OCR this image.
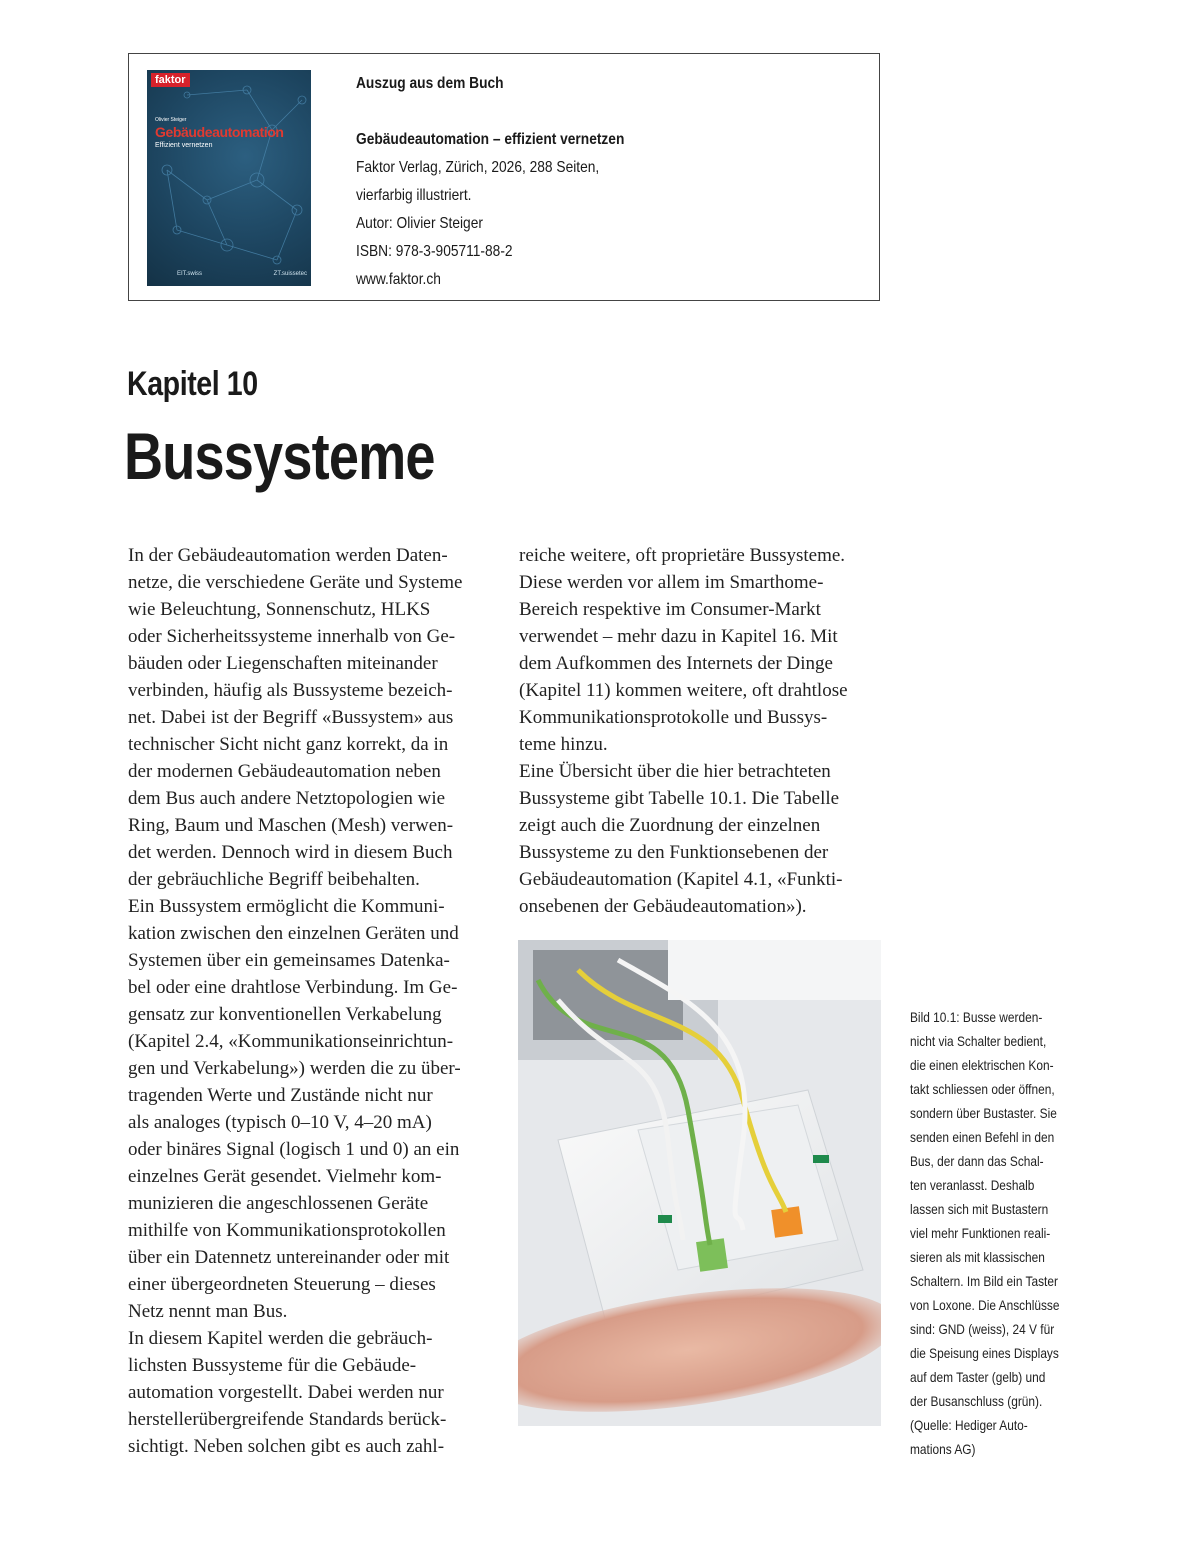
faktor
Olivier Steiger
Gebäudeautomation
Effizient vernetzen
EIT.swiss	ZT.suissetec
Auszug aus dem Buch
Gebäudeautomation – effizient vernetzen
Faktor Verlag, Zürich, 2026, 288 Seiten,
vierfarbig illustriert.
Autor: Olivier Steiger
ISBN: 978-3-905711-88-2
www.faktor.ch
Kapitel 10
Bussysteme
In der Gebäudeautomation werden Daten-
netze, die verschiedene Geräte und Systeme
wie Beleuchtung, Sonnenschutz, HLKS
oder Sicherheitssysteme innerhalb von Ge-
bäuden oder Liegenschaften miteinander
verbinden, häufig als Bussysteme bezeich-
net. Dabei ist der Begriff «Bussystem» aus
technischer Sicht nicht ganz korrekt, da in
der modernen Gebäudeautomation neben
dem Bus auch andere Netztopologien wie
Ring, Baum und Maschen (Mesh) verwen-
det werden. Dennoch wird in diesem Buch
der gebräuchliche Begriff beibehalten.
Ein Bussystem ermöglicht die Kommuni-
kation zwischen den einzelnen Geräten und
Systemen über ein gemeinsames Datenka-
bel oder eine drahtlose Verbindung. Im Ge-
gensatz zur konventionellen Verkabelung
(Kapitel 2.4, «Kommunikationseinrichtun-
gen und Verkabelung») werden die zu über-
tragenden Werte und Zustände nicht nur
als analoges (typisch 0–10 V, 4–20 mA)
oder binäres Signal (logisch 1 und 0) an ein
einzelnes Gerät gesendet. Vielmehr kom-
munizieren die angeschlossenen Geräte
mithilfe von Kommunikationsprotokollen
über ein Datennetz untereinander oder mit
einer übergeordneten Steuerung – dieses
Netz nennt man Bus.
In diesem Kapitel werden die gebräuch-
lichsten Bussysteme für die Gebäude-
automation vorgestellt. Dabei werden nur
herstellerübergreifende Standards berück-
sichtigt. Neben solchen gibt es auch zahl-
reiche weitere, oft proprietäre Bussysteme.
Diese werden vor allem im Smarthome-
Bereich respektive im Consumer-Markt
verwendet – mehr dazu in Kapitel 16. Mit
dem Aufkommen des Internets der Dinge
(Kapitel 11) kommen weitere, oft drahtlose
Kommunikationsprotokolle und Bussys-
teme hinzu.
Eine Übersicht über die hier betrachteten
Bussysteme gibt Tabelle 10.1. Die Tabelle
zeigt auch die Zuordnung der einzelnen
Bussysteme zu den Funktionsebenen der
Gebäudeautomation (Kapitel 4.1, «Funkti-
onsebenen der Gebäudeautomation»).
Bild 10.1: Busse werden-
nicht via Schalter bedient,
die einen elektrischen Kon-
takt schliessen oder öffnen,
sondern über Bustaster. Sie
senden einen Befehl in den
Bus, der dann das Schal-
ten veranlasst. Deshalb
lassen sich mit Bustastern
viel mehr Funktionen reali-
sieren als mit klassischen
Schaltern. Im Bild ein Taster
von Loxone. Die Anschlüsse
sind: GND (weiss), 24 V für
die Speisung eines Displays
auf dem Taster (gelb) und
der Busanschluss (grün).
(Quelle: Hediger Auto-
mations AG)
